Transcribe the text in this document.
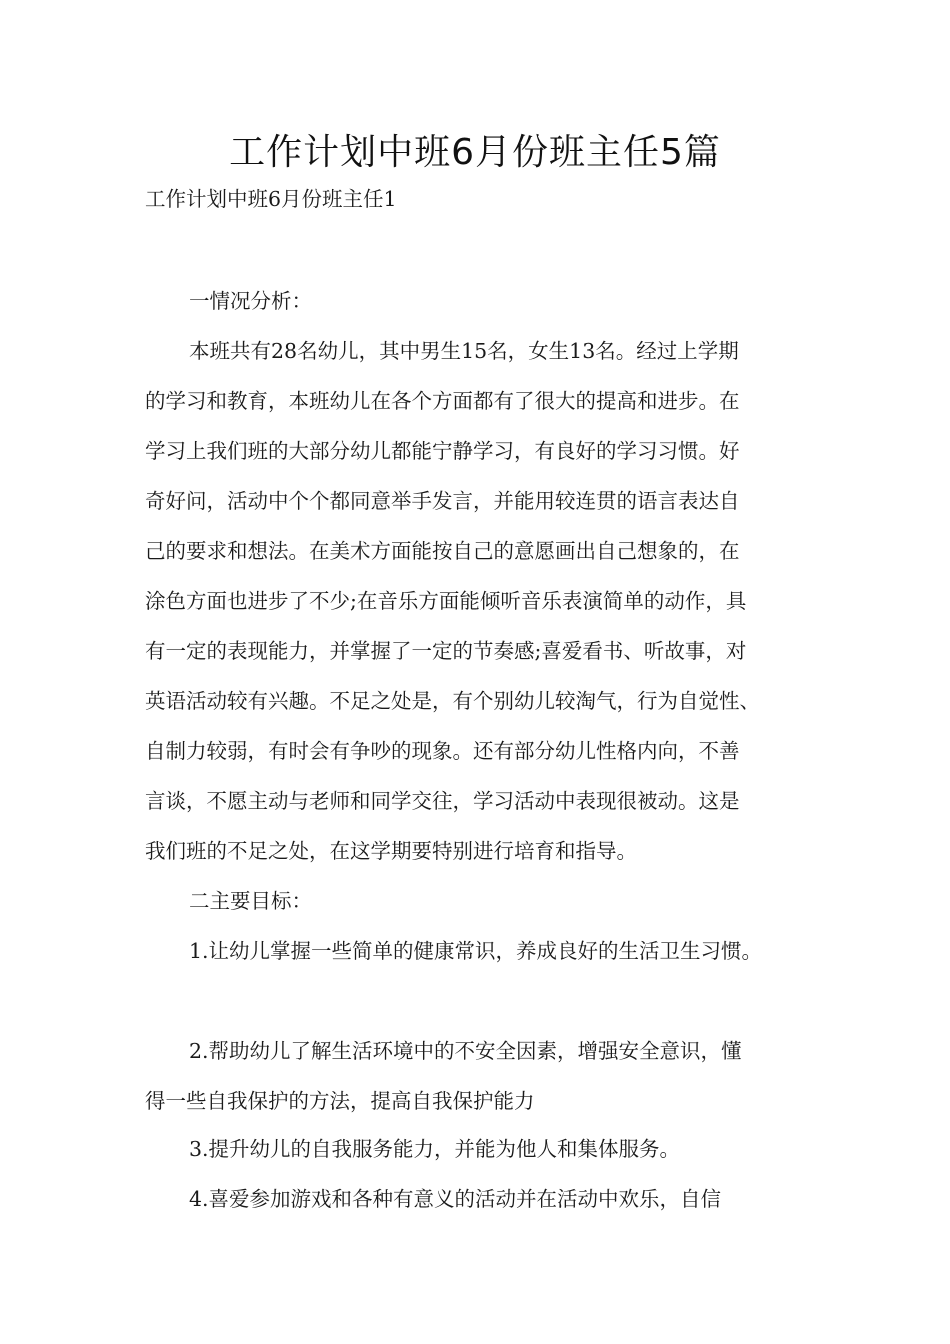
工作计划中班6月份班主任5篇

工作计划中班6月份班主任1

一情况分析：

本班共有28名幼儿，其中男生15名，女生13名。经过上学期

的学习和教育，本班幼儿在各个方面都有了很大的提高和进步。在

学习上我们班的大部分幼儿都能宁静学习，有良好的学习习惯。好

奇好问，活动中个个都同意举手发言，并能用较连贯的语言表达自

己的要求和想法。在美术方面能按自己的意愿画出自己想象的，在

涂色方面也进步了不少;在音乐方面能倾听音乐表演简单的动作，具

有一定的表现能力，并掌握了一定的节奏感;喜爱看书、听故事，对

英语活动较有兴趣。不足之处是，有个别幼儿较淘气，行为自觉性、

自制力较弱，有时会有争吵的现象。还有部分幼儿性格内向，不善

言谈，不愿主动与老师和同学交往，学习活动中表现很被动。这是

我们班的不足之处，在这学期要特别进行培育和指导。

二主要目标：

1.让幼儿掌握一些简单的健康常识，养成良好的生活卫生习惯。

2.帮助幼儿了解生活环境中的不安全因素，增强安全意识，懂

得一些自我保护的方法，提高自我保护能力

3.提升幼儿的自我服务能力，并能为他人和集体服务。

4.喜爱参加游戏和各种有意义的活动并在活动中欢乐，自信
